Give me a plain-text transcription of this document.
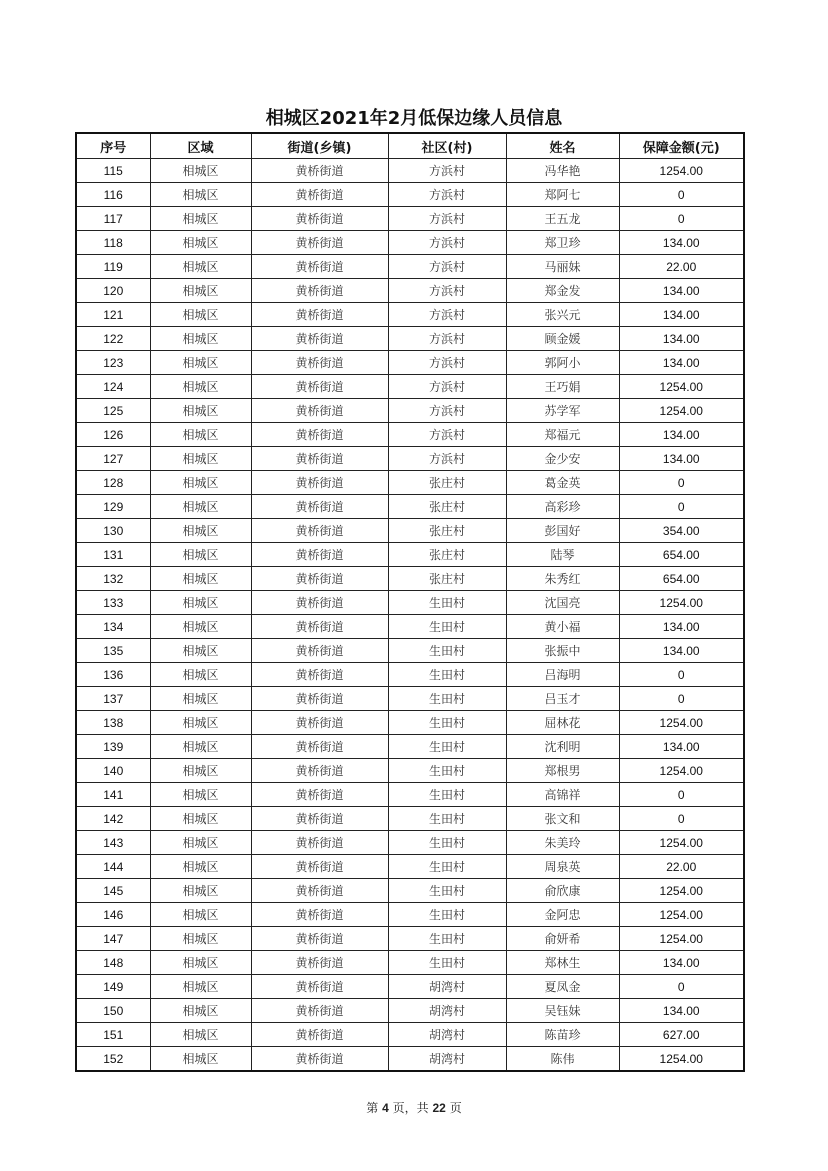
相城区2021年2月低保边缘人员信息
序号	区域	街道(乡镇)	社区(村)	姓名	保障金额(元)
115	相城区	黄桥街道	方浜村	冯华艳	1254.00
116	相城区	黄桥街道	方浜村	郑阿七	0
117	相城区	黄桥街道	方浜村	王五龙	0
118	相城区	黄桥街道	方浜村	郑卫珍	134.00
119	相城区	黄桥街道	方浜村	马丽妹	22.00
120	相城区	黄桥街道	方浜村	郑金发	134.00
121	相城区	黄桥街道	方浜村	张兴元	134.00
122	相城区	黄桥街道	方浜村	顾金媛	134.00
123	相城区	黄桥街道	方浜村	郭阿小	134.00
124	相城区	黄桥街道	方浜村	王巧娟	1254.00
125	相城区	黄桥街道	方浜村	苏学军	1254.00
126	相城区	黄桥街道	方浜村	郑福元	134.00
127	相城区	黄桥街道	方浜村	金少安	134.00
128	相城区	黄桥街道	张庄村	葛金英	0
129	相城区	黄桥街道	张庄村	高彩珍	0
130	相城区	黄桥街道	张庄村	彭国好	354.00
131	相城区	黄桥街道	张庄村	陆琴	654.00
132	相城区	黄桥街道	张庄村	朱秀红	654.00
133	相城区	黄桥街道	生田村	沈国亮	1254.00
134	相城区	黄桥街道	生田村	黄小福	134.00
135	相城区	黄桥街道	生田村	张振中	134.00
136	相城区	黄桥街道	生田村	吕海明	0
137	相城区	黄桥街道	生田村	吕玉才	0
138	相城区	黄桥街道	生田村	屈林花	1254.00
139	相城区	黄桥街道	生田村	沈利明	134.00
140	相城区	黄桥街道	生田村	郑根男	1254.00
141	相城区	黄桥街道	生田村	高锦祥	0
142	相城区	黄桥街道	生田村	张文和	0
143	相城区	黄桥街道	生田村	朱美玲	1254.00
144	相城区	黄桥街道	生田村	周泉英	22.00
145	相城区	黄桥街道	生田村	俞欣康	1254.00
146	相城区	黄桥街道	生田村	金阿忠	1254.00
147	相城区	黄桥街道	生田村	俞妍希	1254.00
148	相城区	黄桥街道	生田村	郑林生	134.00
149	相城区	黄桥街道	胡湾村	夏凤金	0
150	相城区	黄桥街道	胡湾村	吴钰妹	134.00
151	相城区	黄桥街道	胡湾村	陈苗珍	627.00
152	相城区	黄桥街道	胡湾村	陈伟	1254.00
第 4 页，共 22 页
